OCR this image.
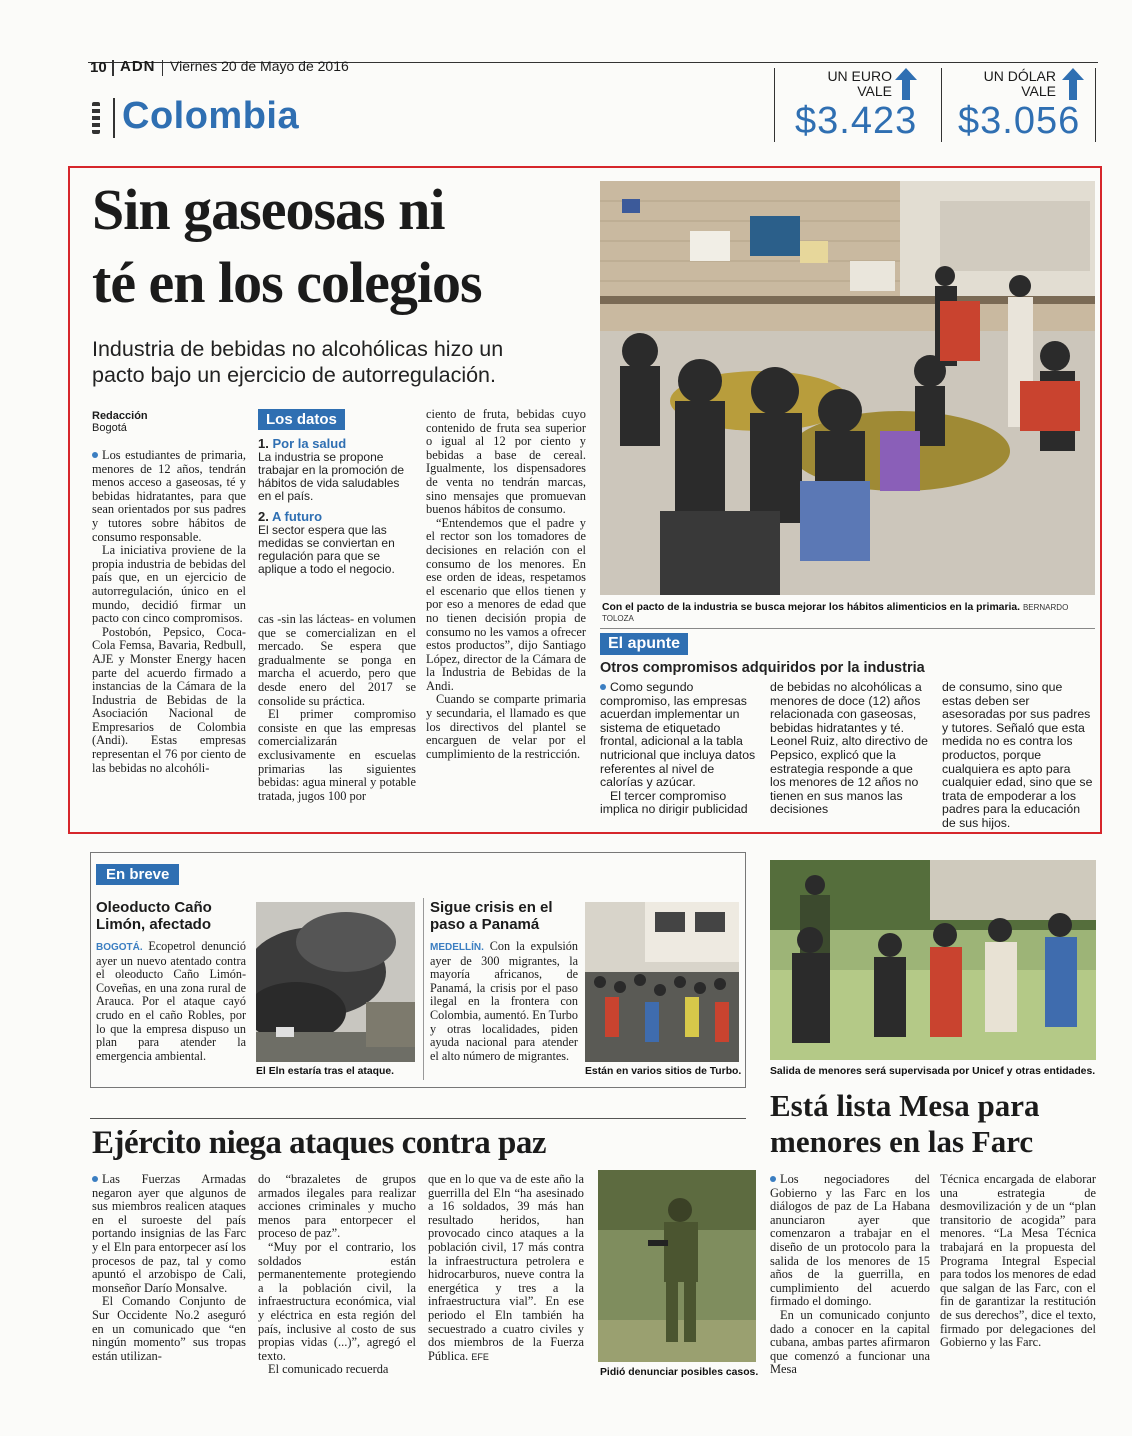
10 ADN Viernes 20 de Mayo de 2016
Colombia
UN EURO
VALE
$3.423
UN DÓLAR
VALE
$3.056
Sin gaseosas ni
té en los colegios
Industria de bebidas no alcohólicas hizo un
pacto bajo un ejercicio de autorregulación.
Redacción
Bogotá

Los estudiantes de primaria, menores de 12 años, tendrán menos acceso a gaseosas, té y bebidas hidratantes, para que sean orientados por sus padres y tutores sobre hábitos de consumo responsable.

La iniciativa proviene de la propia industria de bebidas del país que, en un ejercicio de autorregulación, único en el mundo, decidió firmar un pacto con cinco compromisos.

Postobón, Pepsico, Coca-Cola Femsa, Bavaria, Redbull, AJE y Monster Energy hacen parte del acuerdo firmado a instancias de la Cámara de la Industria de Bebidas de la Asociación Nacional de Empresarios de Colombia (Andi). Estas empresas representan el 76 por ciento de las bebidas no alcohóli-

Los datos
1. Por la salud
La industria se propone trabajar en la promoción de hábitos de vida saludables en el país.
2. A futuro
El sector espera que las medidas se conviertan en regulación para que se aplique a todo el negocio.

cas -sin las lácteas- en volumen que se comercializan en el mercado. Se espera que gradualmente se ponga en marcha el acuerdo, pero que desde enero del 2017 se consolide su práctica.

El primer compromiso consiste en que las empresas comercializarán exclusivamente en escuelas primarias las siguientes bebidas: agua mineral y potable tratada, jugos 100 por

ciento de fruta, bebidas cuyo contenido de fruta sea superior o igual al 12 por ciento y bebidas a base de cereal. Igualmente, los dispensadores de venta no tendrán marcas, sino mensajes que promuevan buenos hábitos de consumo.

“Entendemos que el padre y el rector son los tomadores de decisiones en relación con el consumo de los menores. En ese orden de ideas, respetamos el escenario que ellos tienen y por eso a menores de edad que no tienen decisión propia de consumo no les vamos a ofrecer estos productos”, dijo Santiago López, director de la Cámara de la Industria de Bebidas de la Andi.

Cuando se comparte primaria y secundaria, el llamado es que los directivos del plantel se encarguen de velar por el cumplimiento de la restricción.

Con el pacto de la industria se busca mejorar los hábitos alimenticios en la primaria. BERNARDO TOLOZA
El apunte
Otros compromisos adquiridos por la industria
Como segundo compromiso, las empresas acuerdan implementar un sistema de etiquetado frontal, adicional a la tabla nutricional que incluya datos referentes al nivel de calorías y azúcar.
El tercer compromiso implica no dirigir publicidad
de bebidas no alcohólicas a menores de doce (12) años relacionada con gaseosas, bebidas hidratantes y té. Leonel Ruiz, alto directivo de Pepsico, explicó que la estrategia responde a que los menores de 12 años no tienen en sus manos las decisiones
de consumo, sino que estas deben ser asesoradas por sus padres y tutores. Señaló que esta medida no es contra los productos, porque cualquiera es apto para cualquier edad, sino que se trata de empoderar a los padres para la educación de sus hijos.
En breve
Oleoducto Caño
Limón, afectado

BOGOTÁ. Ecopetrol denunció ayer un nuevo atentado contra el oleoducto Caño Limón-Coveñas, en una zona rural de Arauca. Por el ataque cayó crudo en el caño Robles, por lo que la empresa dispuso un plan para atender la emergencia ambiental.

El Eln estaría tras el ataque.
Sigue crisis en el
paso a Panamá

MEDELLÍN. Con la expulsión ayer de 300 migrantes, la mayoría africanos, de Panamá, la crisis por el paso ilegal en la frontera con Colombia, aumentó. En Turbo y otras localidades, piden ayuda nacional para atender el alto número de migrantes.

Están en varios sitios de Turbo.	Salida de menores será supervisada por Unicef y otras entidades.
Está lista Mesa para
menores en las Farc

Los negociadores del Gobierno y las Farc en los diálogos de paz de La Habana anunciaron ayer que comenzaron a trabajar en el diseño de un protocolo para la salida de los menores de 15 años de la guerrilla, en cumplimiento del acuerdo firmado el domingo.

En un comunicado conjunto dado a conocer en la capital cubana, ambas partes afirmaron que comenzó a funcionar una Mesa

Técnica encargada de elaborar una estrategia de desmovilización y de un “plan transitorio de acogida” para menores. “La Mesa Técnica trabajará en la propuesta del Programa Integral Especial para todos los menores de edad que salgan de las Farc, con el fin de garantizar la restitución de sus derechos”, dice el texto, firmado por delegaciones del Gobierno y las Farc.

Ejército niega ataques contra paz

Las Fuerzas Armadas negaron ayer que algunos de sus miembros realicen ataques en el suroeste del país portando insignias de las Farc y el Eln para entorpecer así los procesos de paz, tal y como apuntó el arzobispo de Cali, monseñor Darío Monsalve.

El Comando Conjunto de Sur Occidente No.2 aseguró en un comunicado que “en ningún momento” sus tropas están utilizan-

do “brazaletes de grupos armados ilegales para realizar acciones criminales y mucho menos para entorpecer el proceso de paz”.

“Muy por el contrario, los soldados están permanentemente protegiendo a la población civil, la infraestructura económica, vial y eléctrica en esta región del país, inclusive al costo de sus propias vidas (...)”, agregó el texto.

El comunicado recuerda

que en lo que va de este año la guerrilla del Eln “ha asesinado a 16 soldados, 39 más han resultado heridos, han provocado cinco ataques a la población civil, 17 más contra la infraestructura petrolera e hidrocarburos, nueve contra la energética y tres a la infraestructura vial”. En ese periodo el Eln también ha secuestrado a cuatro civiles y dos miembros de la Fuerza Pública. EFE

Pidió denunciar posibles casos.
